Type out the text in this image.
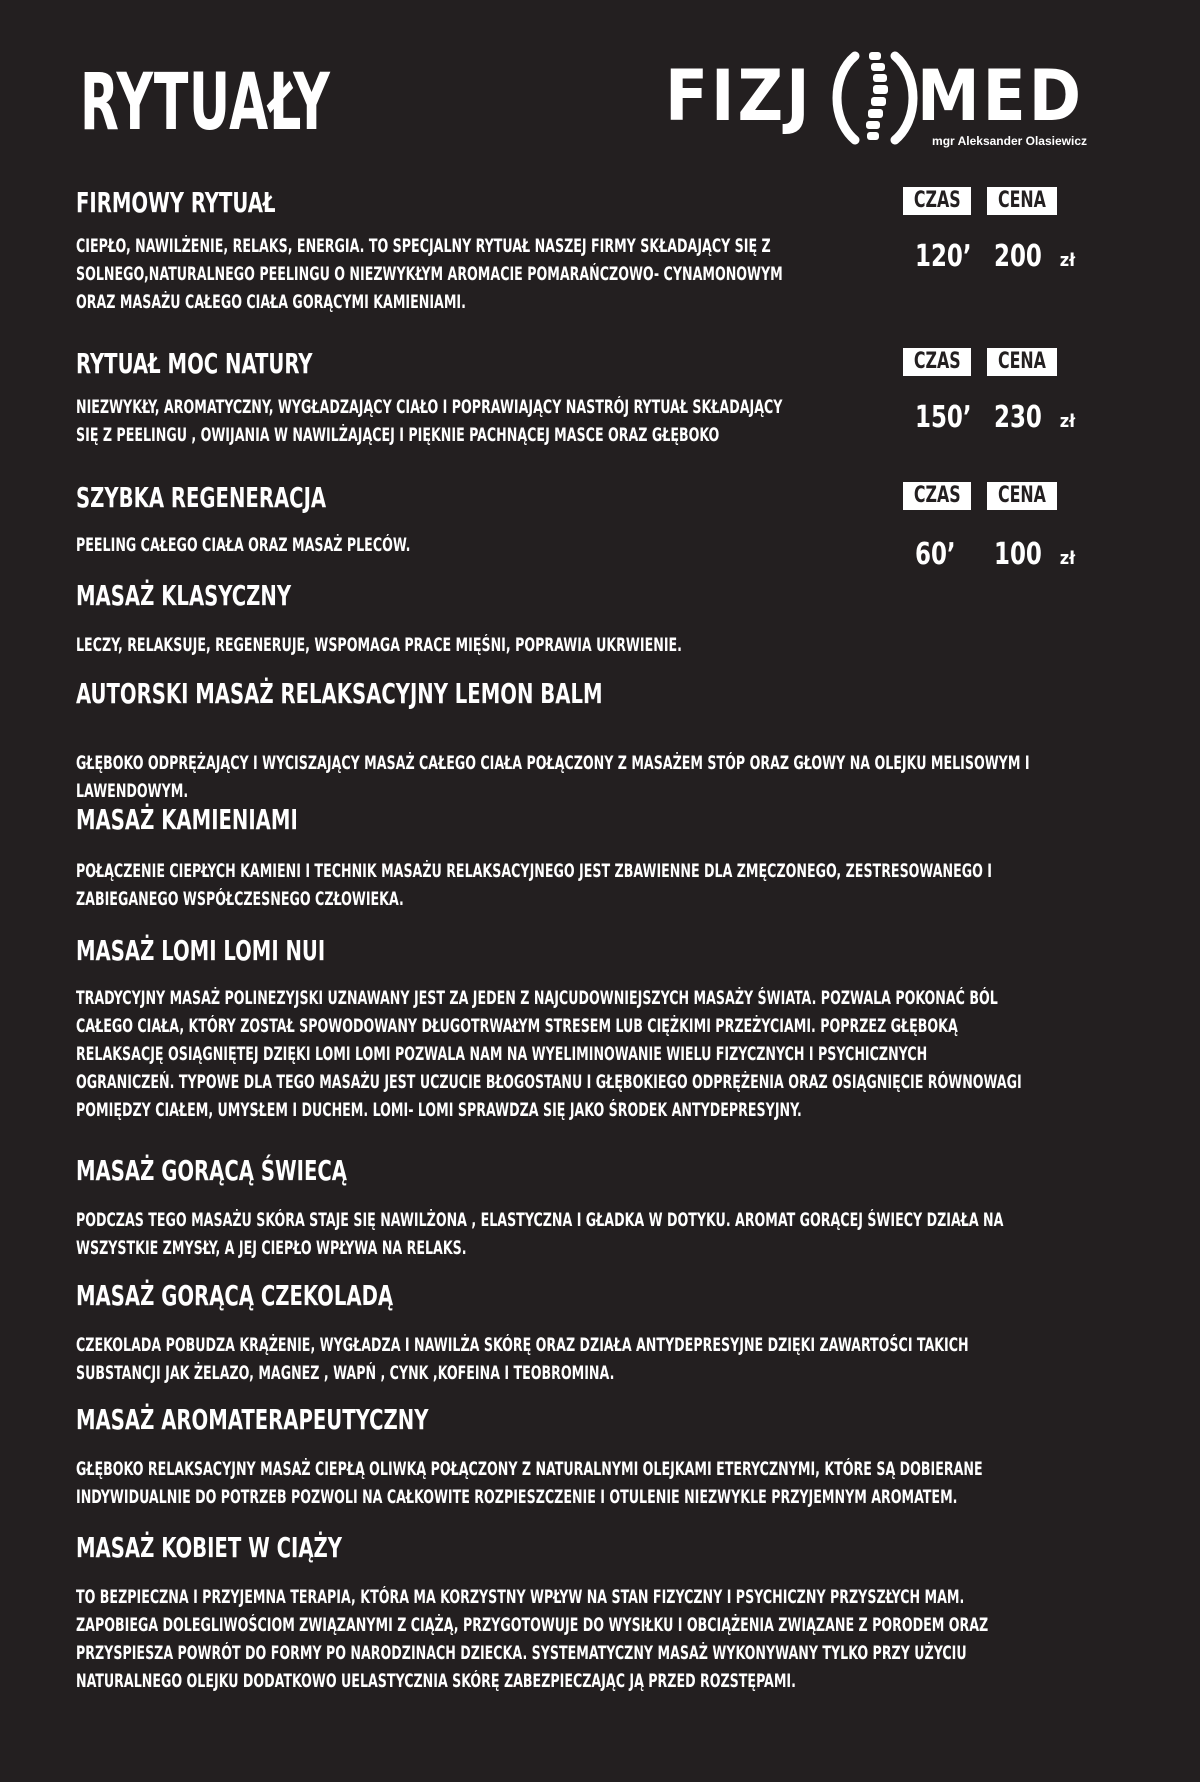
RYTUAŁY	FIZJ MED
mgr Aleksander Olasiewicz
FIRMOWY RYTUAŁ

CIEPŁO, NAWILŻENIE, RELAKS, ENERGIA. TO SPECJALNY RYTUAŁ NASZEJ FIRMY SKŁADAJĄCY SIĘ Z

SOLNEGO,NATURALNEGO PEELINGU O NIEZWYKŁYM AROMACIE POMARAŃCZOWO- CYNAMONOWYM

ORAZ MASAŻU CAŁEGO CIAŁA GORĄCYMI KAMIENIAMI.

CZAS	CENA
120’ 200 zł
RYTUAŁ MOC NATURY

NIEZWYKŁY, AROMATYCZNY, WYGŁADZAJĄCY CIAŁO I POPRAWIAJĄCY NASTRÓJ RYTUAŁ SKŁADAJĄCY

SIĘ Z PEELINGU , OWIJANIA W NAWILŻAJĄCEJ I PIĘKNIE PACHNĄCEJ MASCE ORAZ GŁĘBOKO

CZAS	CENA
150’ 230 zł
SZYBKA REGENERACJA

PEELING CAŁEGO CIAŁA ORAZ MASAŻ PLECÓW.

CZAS	CENA
60’ 100 zł
MASAŻ KLASYCZNY

LECZY, RELAKSUJE, REGENERUJE, WSPOMAGA PRACE MIĘŚNI, POPRAWIA UKRWIENIE.

AUTORSKI MASAŻ RELAKSACYJNY LEMON BALM

GŁĘBOKO ODPRĘŻAJĄCY I WYCISZAJĄCY MASAŻ CAŁEGO CIAŁA POŁĄCZONY Z MASAŻEM STÓP ORAZ GŁOWY NA OLEJKU MELISOWYM I

LAWENDOWYM.

MASAŻ KAMIENIAMI

POŁĄCZENIE CIEPŁYCH KAMIENI I TECHNIK MASAŻU RELAKSACYJNEGO JEST ZBAWIENNE DLA ZMĘCZONEGO, ZESTRESOWANEGO I

ZABIEGANEGO WSPÓŁCZESNEGO CZŁOWIEKA.

MASAŻ LOMI LOMI NUI

TRADYCYJNY MASAŻ POLINEZYJSKI UZNAWANY JEST ZA JEDEN Z NAJCUDOWNIEJSZYCH MASAŻY ŚWIATA. POZWALA POKONAĆ BÓL

CAŁEGO CIAŁA, KTÓRY ZOSTAŁ SPOWODOWANY DŁUGOTRWAŁYM STRESEM LUB CIĘŻKIMI PRZEŻYCIAMI. POPRZEZ GŁĘBOKĄ

RELAKSACJĘ OSIĄGNIĘTEJ DZIĘKI LOMI LOMI POZWALA NAM NA WYELIMINOWANIE WIELU FIZYCZNYCH I PSYCHICZNYCH

OGRANICZEŃ. TYPOWE DLA TEGO MASAŻU JEST UCZUCIE BŁOGOSTANU I GŁĘBOKIEGO ODPRĘŻENIA ORAZ OSIĄGNIĘCIE RÓWNOWAGI

POMIĘDZY CIAŁEM, UMYSŁEM I DUCHEM. LOMI- LOMI SPRAWDZA SIĘ JAKO ŚRODEK ANTYDEPRESYJNY.

MASAŻ GORĄCĄ ŚWIECĄ

PODCZAS TEGO MASAŻU SKÓRA STAJE SIĘ NAWILŻONA , ELASTYCZNA I GŁADKA W DOTYKU. AROMAT GORĄCEJ ŚWIECY DZIAŁA NA

WSZYSTKIE ZMYSŁY, A JEJ CIEPŁO WPŁYWA NA RELAKS.

MASAŻ GORĄCĄ CZEKOLADĄ

CZEKOLADA POBUDZA KRĄŻENIE, WYGŁADZA I NAWILŻA SKÓRĘ ORAZ DZIAŁA ANTYDEPRESYJNE DZIĘKI ZAWARTOŚCI TAKICH

SUBSTANCJI JAK ŻELAZO, MAGNEZ , WAPŃ , CYNK ,KOFEINA I TEOBROMINA.

MASAŻ AROMATERAPEUTYCZNY

GŁĘBOKO RELAKSACYJNY MASAŻ CIEPŁĄ OLIWKĄ POŁĄCZONY Z NATURALNYMI OLEJKAMI ETERYCZNYMI, KTÓRE SĄ DOBIERANE

INDYWIDUALNIE DO POTRZEB POZWOLI NA CAŁKOWITE ROZPIESZCZENIE I OTULENIE NIEZWYKLE PRZYJEMNYM AROMATEM.

MASAŻ KOBIET W CIĄŻY

TO BEZPIECZNA I PRZYJEMNA TERAPIA, KTÓRA MA KORZYSTNY WPŁYW NA STAN FIZYCZNY I PSYCHICZNY PRZYSZŁYCH MAM.

ZAPOBIEGA DOLEGLIWOŚCIOM ZWIĄZANYMI Z CIĄŻĄ, PRZYGOTOWUJE DO WYSIŁKU I OBCIĄŻENIA ZWIĄZANE Z PORODEM ORAZ

PRZYSPIESZA POWRÓT DO FORMY PO NARODZINACH DZIECKA. SYSTEMATYCZNY MASAŻ WYKONYWANY TYLKO PRZY UŻYCIU

NATURALNEGO OLEJKU DODATKOWO UELASTYCZNIA SKÓRĘ ZABEZPIECZAJĄC JĄ PRZED ROZSTĘPAMI.
